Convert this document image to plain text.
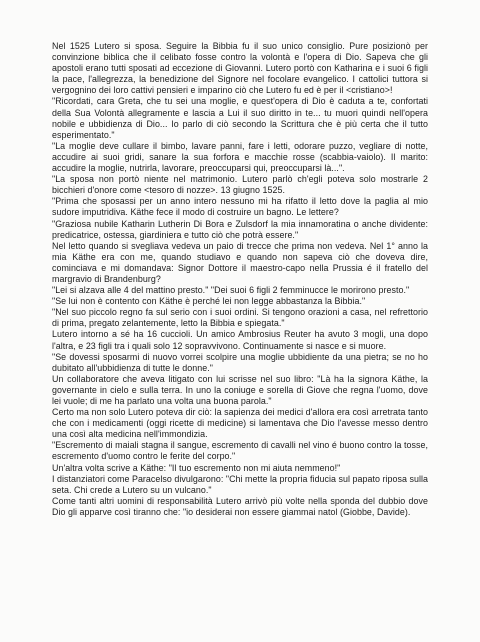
Nel 1525 Lutero si sposa. Seguire la Bibbia fu il suo unico consiglio. Pure posizionò per convinzione biblica che il celibato fosse contro la volontà e l'opera di Dio. Sapeva che gli apostoli erano tutti sposati ad eccezione di Giovanni. Lutero portò con Katharina e i suoi 6 figli la pace, l'allegrezza, la benedizione del Signore nel focolare evangelico. I cattolici tuttora si vergognino dei loro cattivi pensieri e imparino ciò che Lutero fu ed è per il <cristiano>!

"Ricordati, cara Greta, che tu sei una moglie, e quest'opera di Dio è caduta a te, confortati della Sua Volontà allegramente e lascia a Lui il suo diritto in te... tu muori quindi nell'opera nobile e ubbidienza di Dio... Io parlo di ciò secondo la Scrittura che è più certa che il tutto esperimentato."

"La moglie deve cullare il bimbo, lavare panni, fare i letti, odorare puzzo, vegliare di notte, accudire ai suoi gridi, sanare la sua forfora e macchie rosse (scabbia-vaiolo). Il marito: accudire la moglie, nutrirla, lavorare, preoccuparsi qui, preoccuparsi là...".

"La sposa non portò niente nel matrimonio. Lutero parlò ch'egli poteva solo mostrarle 2 bicchieri d'onore come <tesoro di nozze>. 13 giugno 1525.

"Prima che sposassi per un anno intero nessuno mi ha rifatto il letto dove la paglia al mio sudore imputridiva. Käthe fece il modo di costruire un bagno. Le lettere?

"Graziosa nubile Katharin Lutherin Di Bora e Zulsdorf la mia innamoratina o anche dividente: predicatrice, ostessa, giardiniera e tutto ciò che potrà essere."

Nel letto quando si svegliava vedeva un paio di trecce che prima non vedeva. Nel 1° anno la mia Käthe era con me, quando studiavo e quando non sapeva ciò che doveva dire, cominciava e mi domandava: Signor Dottore il maestro-capo nella Prussia é il fratello del margravio di Brandenburg?

"Lei si alzava alle 4 del mattino presto." "Dei suoi 6 figli 2 femminucce le morirono presto."

"Se lui non è contento con Käthe è perché lei non legge abbastanza la Bibbia."

"Nel suo piccolo regno fa sul serio con i suoi ordini. Si tengono orazioni a casa, nel refrettorio di prima, pregato zelantemente, letto la Bibbia e spiegata."

Lutero intorno a sé ha 16 cuccioli. Un amico Ambrosius Reuter ha avuto 3 mogli, una dopo l'altra, e 23 figli tra i quali solo 12 sopravvivono. Continuamente si nasce e si muore.

"Se dovessi sposarmi di nuovo vorrei scolpire una moglie ubbidiente da una pietra; se no ho dubitato all'ubbidienza di tutte le donne."

Un collaboratore che aveva litigato con lui scrisse nel suo libro: "Là ha la signora Käthe, la governante in cielo e sulla terra. In uno la coniuge e sorella di Giove che regna l'uomo, dove lei vuole; di me ha parlato una volta una buona parola."

Certo ma non solo Lutero poteva dir ciò: la sapienza dei medici d'allora era così arretrata tanto che con i medicamenti (oggi ricette di medicine) si lamentava che Dio l'avesse messo dentro una così alta medicina nell'immondizia.

"Escremento di maiali stagna il sangue, escremento di cavalli nel vino é buono contro la tosse, escremento d'uomo contro le ferite del corpo."

Un'altra volta scrive a Käthe: "Il tuo escremento non mi aiuta nemmeno!"

I distanziatori come Paracelso divulgarono: "Chi mette la propria fiducia sul papato riposa sulla seta. Chi crede a Lutero su un vulcano."

Come tanti altri uomini di responsabilità Lutero arrivò più volte nella sponda del dubbio dove Dio gli apparve così tiranno che: "io desiderai non essere giammai natol (Giobbe, Davide).
